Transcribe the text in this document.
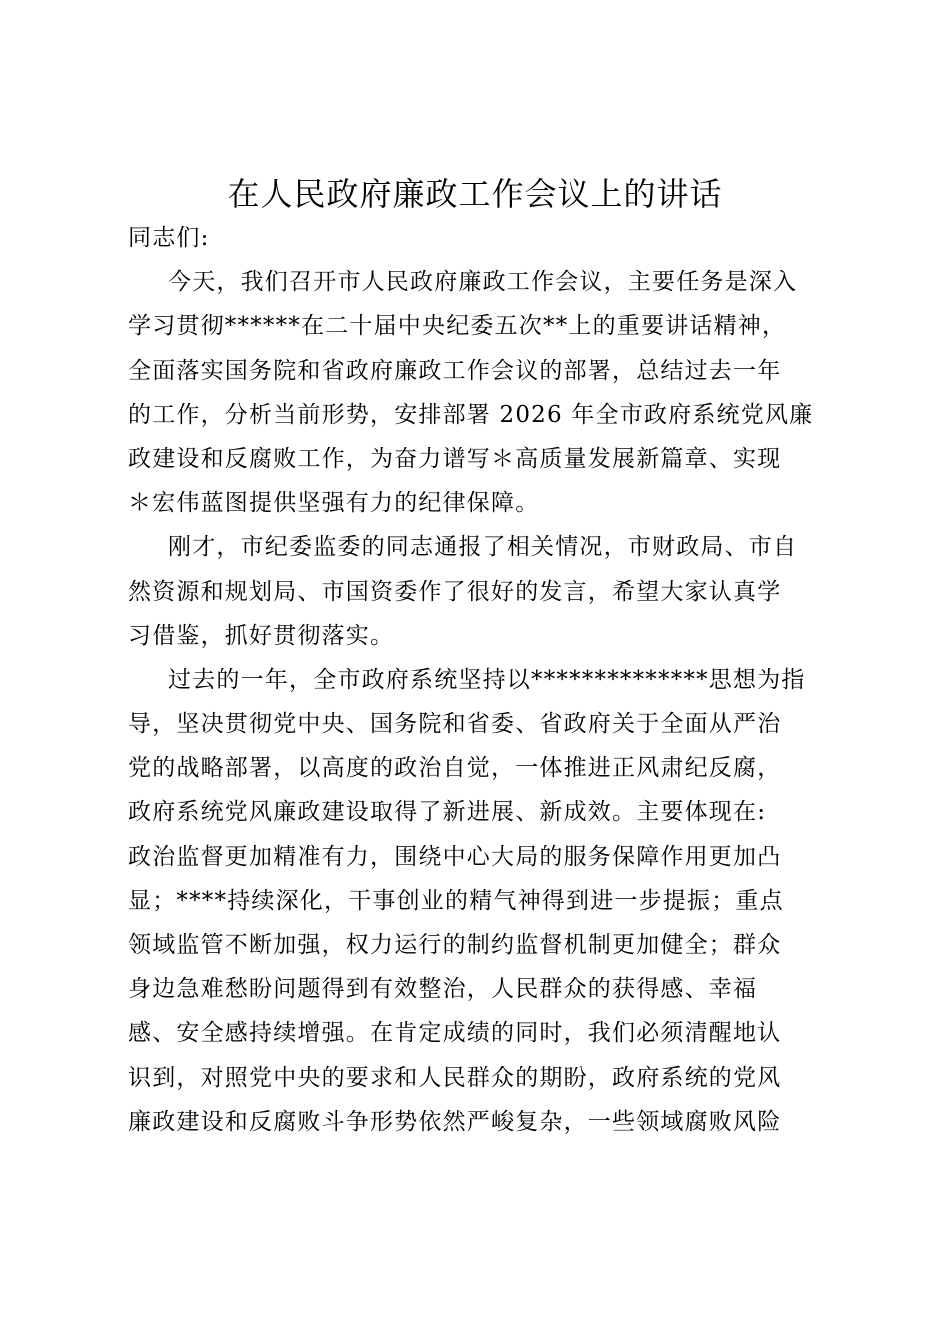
在人民政府廉政工作会议上的讲话
同志们:
今天，我们召开市人民政府廉政工作会议，主要任务是深入
学习贯彻******在二十届中央纪委五次**上的重要讲话精神，
全面落实国务院和省政府廉政工作会议的部署，总结过去一年
的工作，分析当前形势，安排部署 2026 年全市政府系统党风廉
政建设和反腐败工作，为奋力谱写＊高质量发展新篇章、实现
＊宏伟蓝图提供坚强有力的纪律保障。
刚才，市纪委监委的同志通报了相关情况，市财政局、市自
然资源和规划局、市国资委作了很好的发言，希望大家认真学
习借鉴，抓好贯彻落实。
过去的一年，全市政府系统坚持以**************思想为指
导，坚决贯彻党中央、国务院和省委、省政府关于全面从严治
党的战略部署，以高度的政治自觉，一体推进正风肃纪反腐，
政府系统党风廉政建设取得了新进展、新成效。主要体现在:
政治监督更加精准有力，围绕中心大局的服务保障作用更加凸
显；****持续深化，干事创业的精气神得到进一步提振；重点
领域监管不断加强，权力运行的制约监督机制更加健全；群众
身边急难愁盼问题得到有效整治，人民群众的获得感、幸福
感、安全感持续增强。在肯定成绩的同时，我们必须清醒地认
识到，对照党中央的要求和人民群众的期盼，政府系统的党风
廉政建设和反腐败斗争形势依然严峻复杂，一些领域腐败风险
